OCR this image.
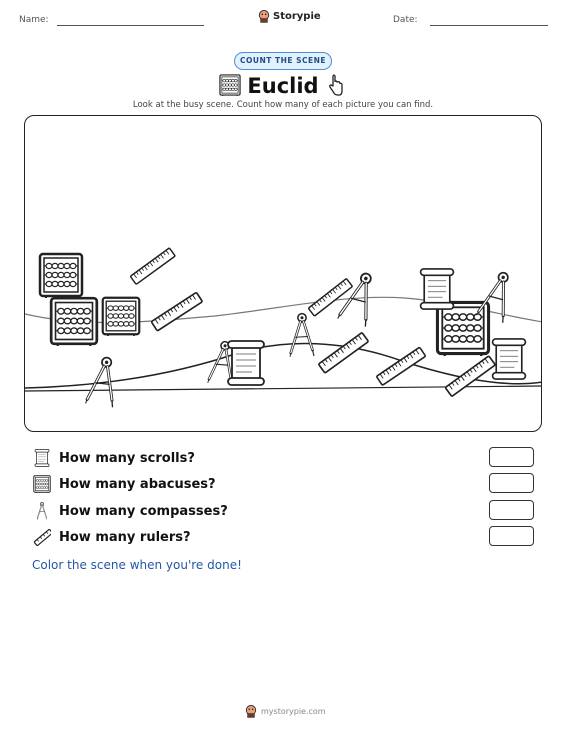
Name:	Storypie	Date:
COUNT THE SCENE
Euclid
Look at the busy scene. Count how many of each picture you can find.
How many scrolls?
How many abacuses?
How many compasses?
How many rulers?
Color the scene when you're done!
mystorypie.com
